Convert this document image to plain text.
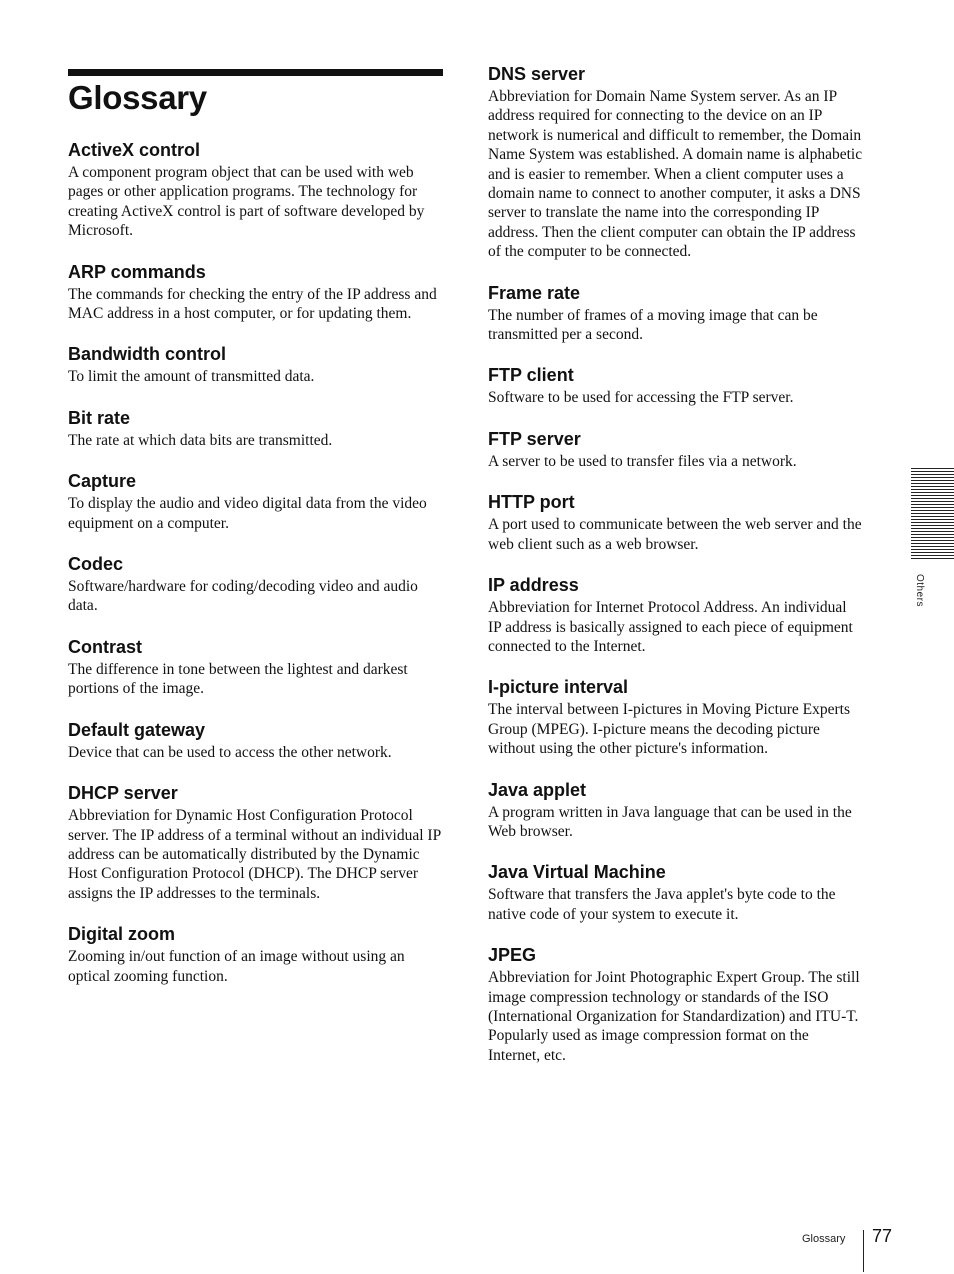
Glossary
ActiveX control

A component program object that can be used with web pages or other application programs. The technology for creating ActiveX control is part of software developed by Microsoft.

ARP commands

The commands for checking the entry of the IP address and MAC address in a host computer, or for updating them.

Bandwidth control

To limit the amount of transmitted data.

Bit rate

The rate at which data bits are transmitted.

Capture

To display the audio and video digital data from the video equipment on a computer.

Codec

Software/hardware for coding/decoding video and audio data.

Contrast

The difference in tone between the lightest and darkest portions of the image.

Default gateway

Device that can be used to access the other network.

DHCP server

Abbreviation for Dynamic Host Configuration Protocol server. The IP address of a terminal without an individual IP address can be automatically distributed by the Dynamic Host Configuration Protocol (DHCP). The DHCP server assigns the IP addresses to the terminals.

Digital zoom

Zooming in/out function of an image without using an optical zooming function.

DNS server

Abbreviation for Domain Name System server. As an IP address required for connecting to the device on an IP network is numerical and difficult to remember, the Domain Name System was established. A domain name is alphabetic and is easier to remember. When a client computer uses a domain name to connect to another computer, it asks a DNS server to translate the name into the corresponding IP address. Then the client computer can obtain the IP address of the computer to be connected.

Frame rate

The number of frames of a moving image that can be transmitted per a second.

FTP client

Software to be used for accessing the FTP server.

FTP server

A server to be used to transfer files via a network.

HTTP port

A port used to communicate between the web server and the web client such as a web browser.

IP address

Abbreviation for Internet Protocol Address. An individual IP address is basically assigned to each piece of equipment connected to the Internet.

I-picture interval

The interval between I-pictures in Moving Picture Experts Group (MPEG). I-picture means the decoding picture without using the other picture's information.

Java applet

A program written in Java language that can be used in the Web browser.

Java Virtual Machine

Software that transfers the Java applet's byte code to the native code of your system to execute it.

JPEG

Abbreviation for Joint Photographic Expert Group. The still image compression technology or standards of the ISO (International Organization for Standardization) and ITU-T. Popularly used as image compression format on the Internet, etc.

Others
Glossary 77
